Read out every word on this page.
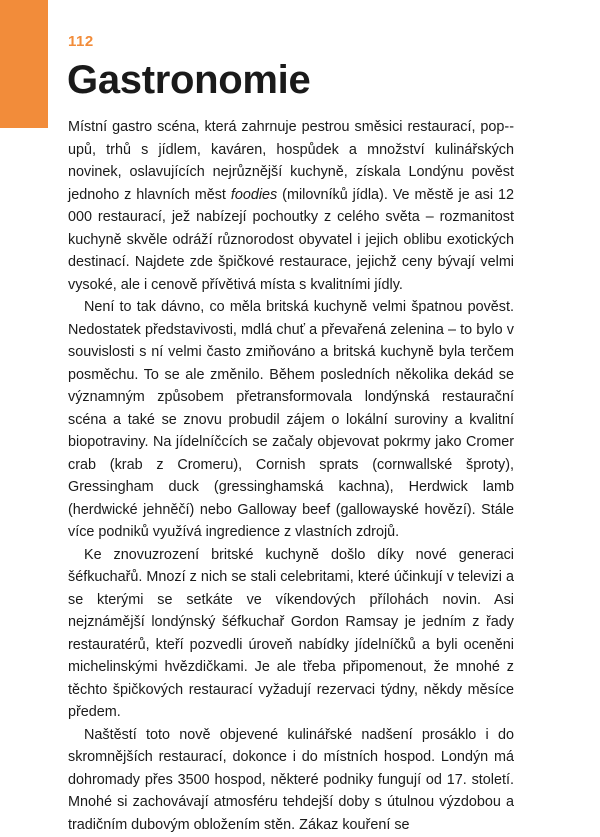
112
Gastronomie

Místní gastro scéna, která zahrnuje pestrou směsici restaurací, pop-upů, trhů s jídlem, kaváren, hospůdek a množství kulinářských novinek, oslavujících nejrůznější kuchyně, získala Londýnu pověst jednoho z hlavních měst foodies (milovníků jídla). Ve městě je asi 12 000 restaurací, jež nabízejí pochoutky z celého světa – rozmanitost kuchyně skvěle odráží různorodost obyvatel i jejich oblibu exotických destinací. Najdete zde špičkové restaurace, jejichž ceny bývají velmi vysoké, ale i cenově přívětivá místa s kvalitními jídly.

Není to tak dávno, co měla britská kuchyně velmi špatnou pověst. Nedostatek představivosti, mdlá chuť a převařená zelenina – to bylo v souvislosti s ní velmi často zmiňováno a britská kuchyně byla terčem posměchu. To se ale změnilo. Během posledních několika dekád se významným způsobem přetransformovala londýnská restaurační scéna a také se znovu probudil zájem o lokální suroviny a kvalitní biopotraviny. Na jídelníčcích se začaly objevovat pokrmy jako Cromer crab (krab z Cromeru), Cornish sprats (cornwallské šproty), Gressingham duck (gressinghamská kachna), Herdwick lamb (herdwické jehněčí) nebo Galloway beef (gallowayské hovězí). Stále více podniků využívá ingredience z vlastních zdrojů.

Ke znovuzrození britské kuchyně došlo díky nové generaci šéfkuchařů. Mnozí z nich se stali celebritami, které účinkují v televizi a se kterými se setkáte ve víkendových přílohách novin. Asi nejznámější londýnský šéfkuchař Gordon Ramsay je jedním z řady restauratérů, kteří pozvedli úroveň nabídky jídelníčků a byli oceněni michelinskými hvězdičkami. Je ale třeba připomenout, že mnohé z těchto špičkových restaurací vyžadují rezervaci týdny, někdy měsíce předem.

Naštěstí toto nově objevené kulinářské nadšení prosáklo i do skromnějších restaurací, dokonce i do místních hospod. Londýn má dohromady přes 3500 hospod, některé podniky fungují od 17. století. Mnohé si zachovávají atmosféru tehdejší doby s útulnou výzdobou a tradičním dubovým obložením stěn. Zákaz kouření se
